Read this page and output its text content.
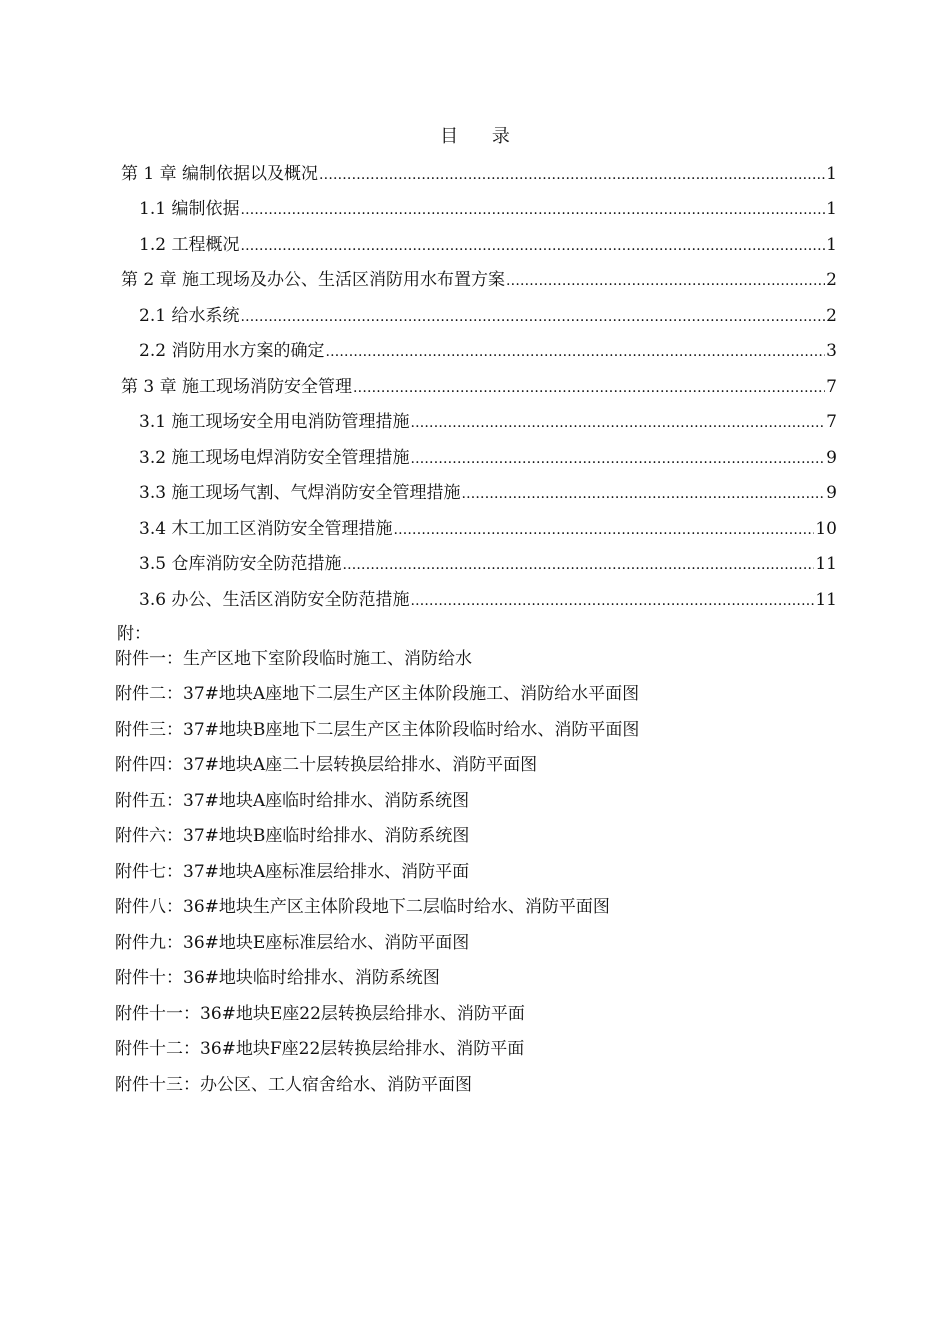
目 录
第 1 章 编制依据以及概况 .....	1
1.1 编制依据 .....	1
1.2 工程概况 .....	1
第 2 章 施工现场及办公、生活区消防用水布置方案 .....	2
2.1 给水系统 .....	2
2.2 消防用水方案的确定 .....	3
第 3 章 施工现场消防安全管理 .....	7
3.1 施工现场安全用电消防管理措施 .....	7
3.2 施工现场电焊消防安全管理措施 .....	9
3.3 施工现场气割、气焊消防安全管理措施 .....	9
3.4 木工加工区消防安全管理措施 .....	10
3.5 仓库消防安全防范措施 .....	11
3.6 办公、生活区消防安全防范措施 .....	11
附：
附件一：生产区地下室阶段临时施工、消防给水
附件二：37#地块A座地下二层生产区主体阶段施工、消防给水平面图
附件三：37#地块B座地下二层生产区主体阶段临时给水、消防平面图
附件四：37#地块A座二十层转换层给排水、消防平面图
附件五：37#地块A座临时给排水、消防系统图
附件六：37#地块B座临时给排水、消防系统图
附件七：37#地块A座标准层给排水、消防平面
附件八：36#地块生产区主体阶段地下二层临时给水、消防平面图
附件九：36#地块E座标准层给水、消防平面图
附件十：36#地块临时给排水、消防系统图
附件十一：36#地块E座22层转换层给排水、消防平面
附件十二：36#地块F座22层转换层给排水、消防平面
附件十三：办公区、工人宿舍给水、消防平面图
